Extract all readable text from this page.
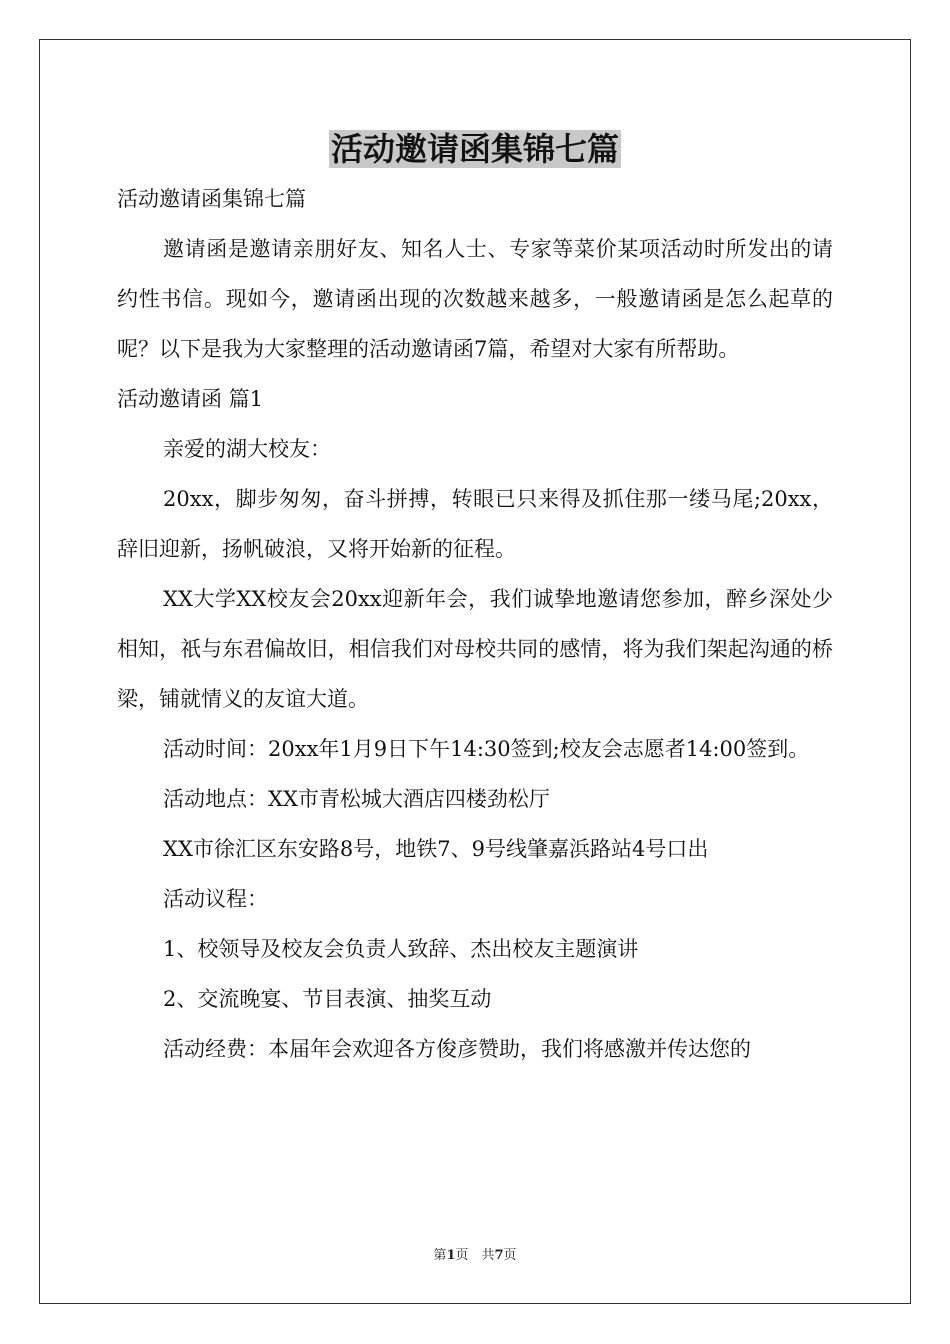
活动邀请函集锦七篇

活动邀请函集锦七篇

邀请函是邀请亲朋好友、知名人士、专家等菜价某项活动时所发出的请约性书信。现如今，邀请函出现的次数越来越多，一般邀请函是怎么起草的呢？以下是我为大家整理的活动邀请函7篇，希望对大家有所帮助。

活动邀请函 篇1

亲爱的湖大校友：

20xx，脚步匆匆，奋斗拼搏，转眼已只来得及抓住那一缕马尾;20xx，辞旧迎新，扬帆破浪，又将开始新的征程。

XX大学XX校友会20xx迎新年会，我们诚挚地邀请您参加，醉乡深处少相知，祇与东君偏故旧，相信我们对母校共同的感情，将为我们架起沟通的桥梁，铺就情义的友谊大道。

活动时间：20xx年1月9日下午14:30签到;校友会志愿者14:00签到。

活动地点：XX市青松城大酒店四楼劲松厅

XX市徐汇区东安路8号，地铁7、9号线肇嘉浜路站4号口出

活动议程：

1、校领导及校友会负责人致辞、杰出校友主题演讲

2、交流晚宴、节目表演、抽奖互动

活动经费：本届年会欢迎各方俊彦赞助，我们将感激并传达您的

第1页　共7页
